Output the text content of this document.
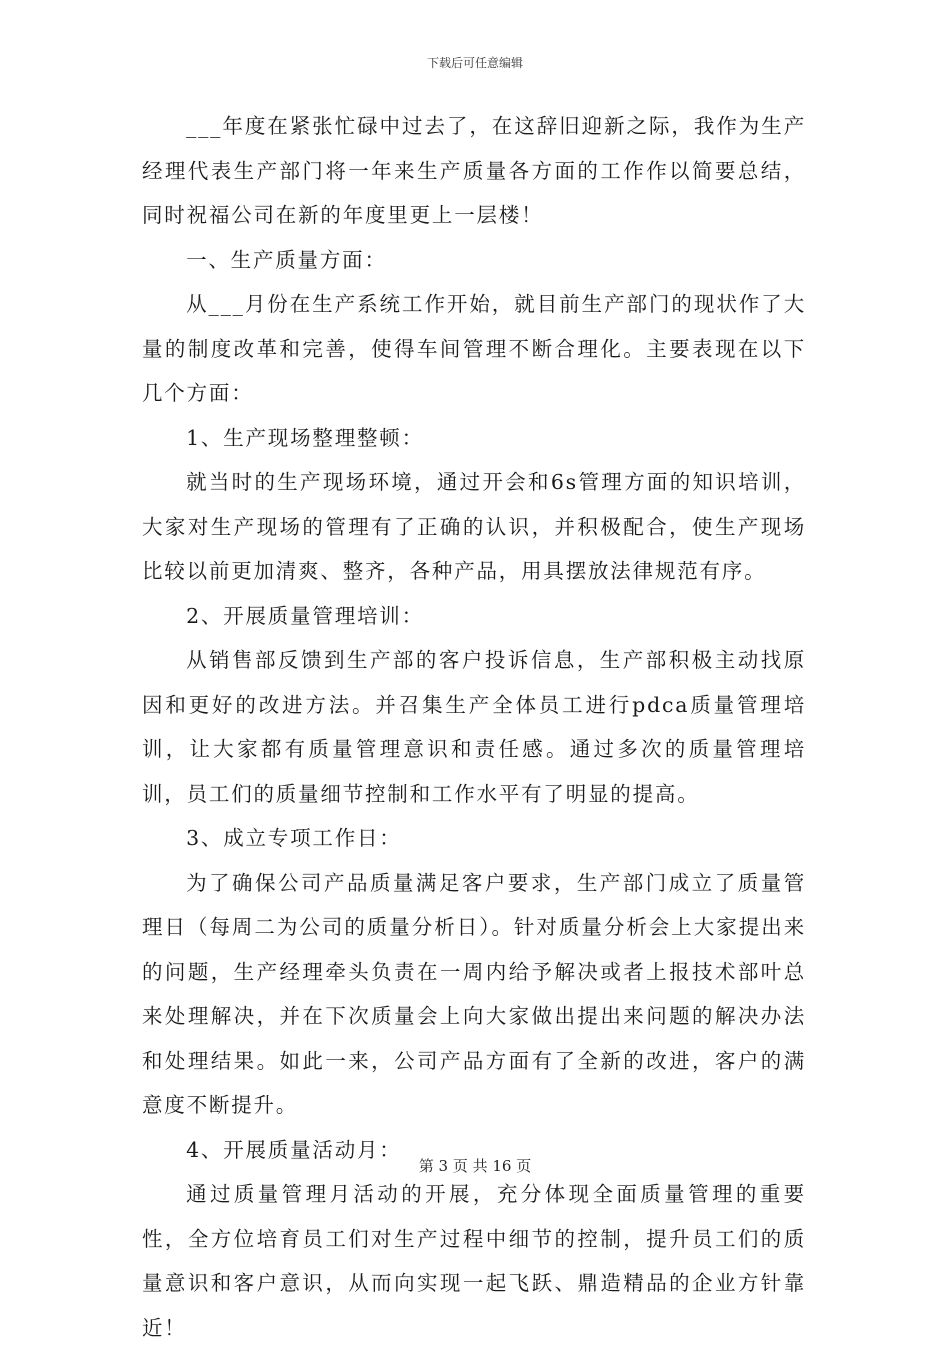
下载后可任意编辑

___年度在紧张忙碌中过去了，在这辞旧迎新之际，我作为生产经理代表生产部门将一年来生产质量各方面的工作作以简要总结，同时祝福公司在新的年度里更上一层楼！

一、生产质量方面：

从___月份在生产系统工作开始，就目前生产部门的现状作了大量的制度改革和完善，使得车间管理不断合理化。主要表现在以下几个方面：

1、生产现场整理整顿：

就当时的生产现场环境，通过开会和6s管理方面的知识培训，大家对生产现场的管理有了正确的认识，并积极配合，使生产现场比较以前更加清爽、整齐，各种产品，用具摆放法律规范有序。

2、开展质量管理培训：

从销售部反馈到生产部的客户投诉信息，生产部积极主动找原因和更好的改进方法。并召集生产全体员工进行pdca质量管理培训，让大家都有质量管理意识和责任感。通过多次的质量管理培训，员工们的质量细节控制和工作水平有了明显的提高。

3、成立专项工作日：

为了确保公司产品质量满足客户要求，生产部门成立了质量管理日（每周二为公司的质量分析日）。针对质量分析会上大家提出来的问题，生产经理牵头负责在一周内给予解决或者上报技术部叶总来处理解决，并在下次质量会上向大家做出提出来问题的解决办法和处理结果。如此一来，公司产品方面有了全新的改进，客户的满意度不断提升。

4、开展质量活动月：

通过质量管理月活动的开展，充分体现全面质量管理的重要性，全方位培育员工们对生产过程中细节的控制，提升员工们的质量意识和客户意识，从而向实现一起飞跃、鼎造精品的企业方针靠近！

第 3 页 共 16 页
